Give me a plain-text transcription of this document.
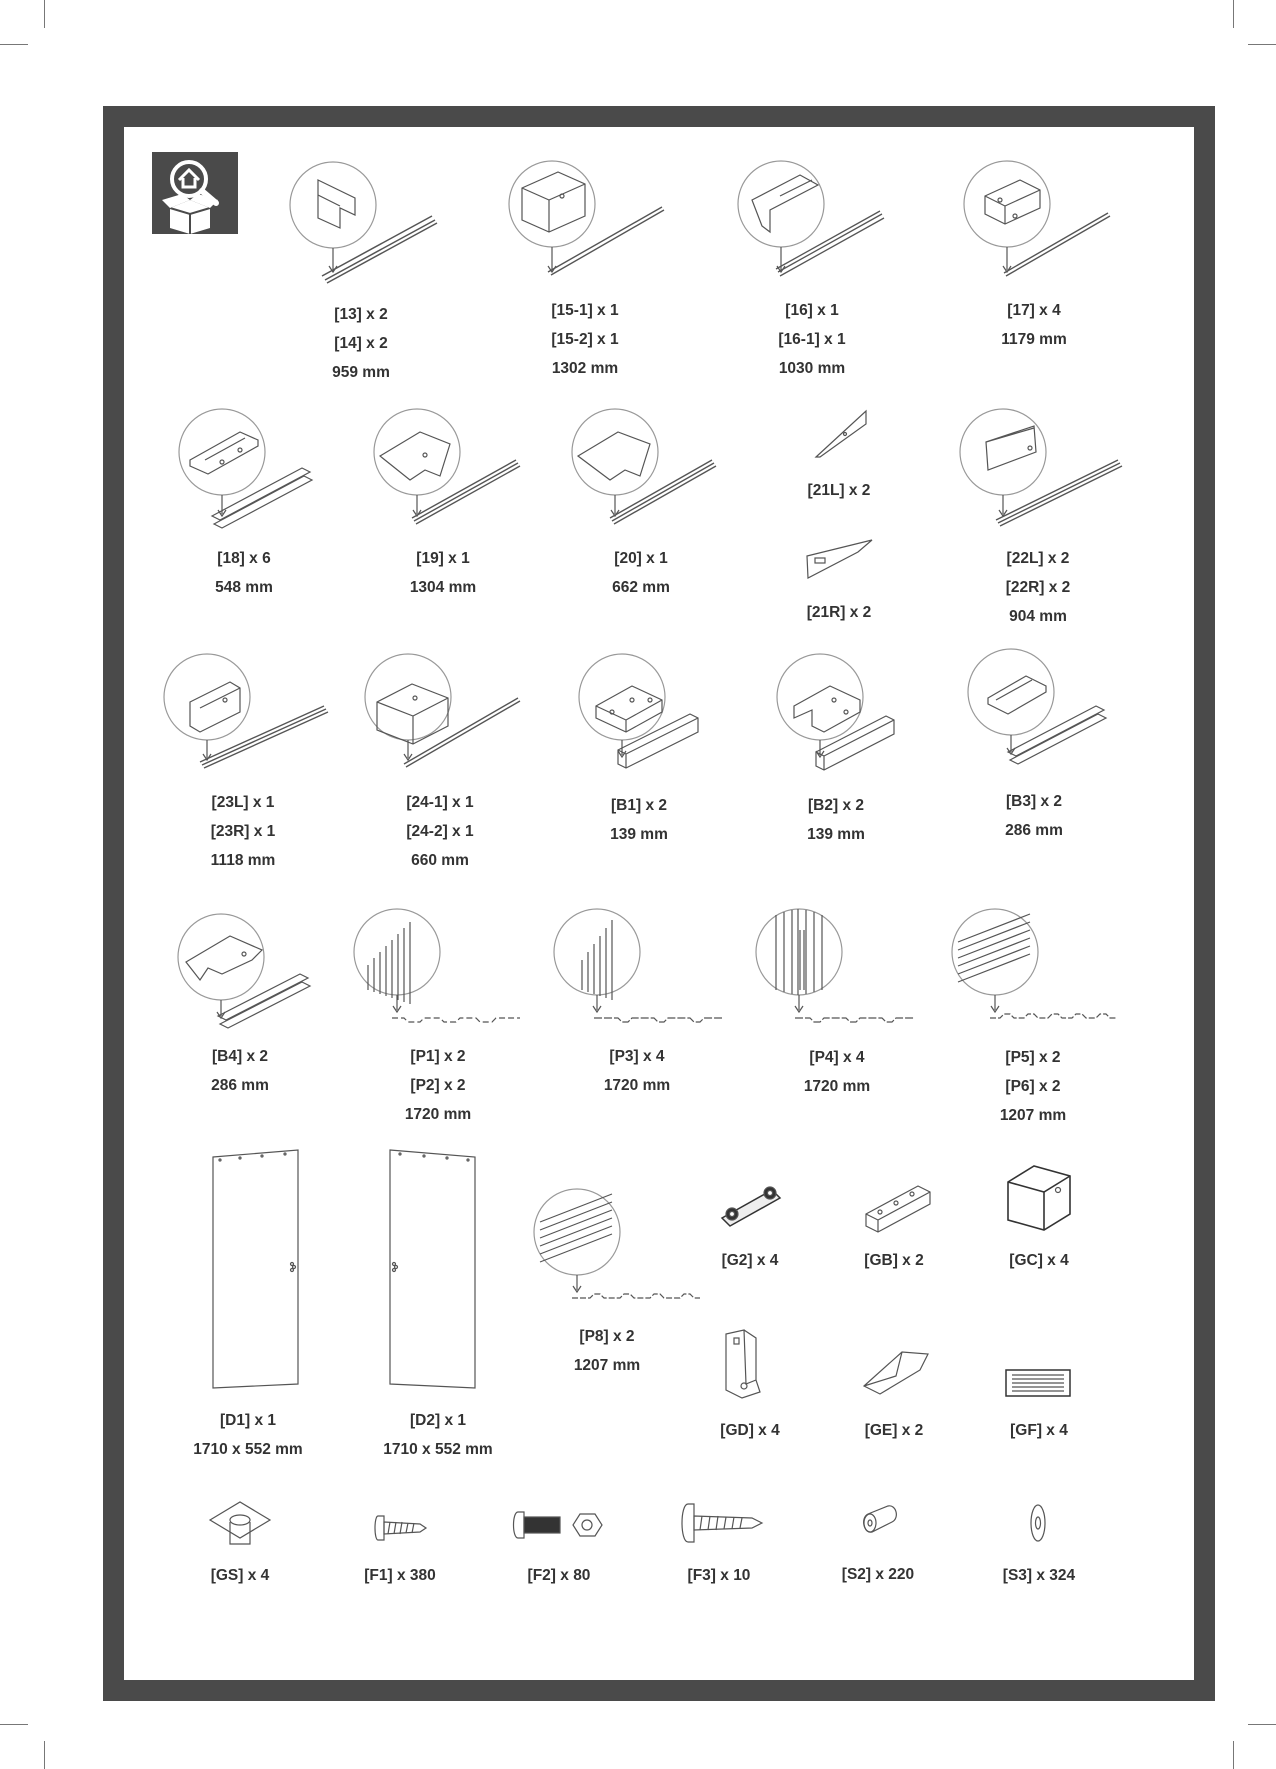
[13] x 2
[14] x 2
959 mm
[15-1] x 1
[15-2] x 1
1302 mm
[16] x 1
[16-1] x 1
1030 mm
[17] x 4
1179 mm
[18] x 6
548 mm
[19] x 1
1304 mm
[20] x 1
662 mm
[21L] x 2
[21R] x 2
[22L] x 2
[22R] x 2
904 mm
[23L] x 1
[23R] x 1
1118 mm
[24-1] x 1
[24-2] x 1
660 mm
[B1] x 2
139 mm
[B2] x 2
139 mm
[B3] x 2
286 mm
[B4] x 2
286 mm
[P1] x 2
[P2] x 2
1720 mm
[P3] x 4
1720 mm
[P4] x 4
1720 mm
[P5] x 2
[P6] x 2
1207 mm
[D1] x 1
1710 x 552 mm
[D2] x 1
1710 x 552 mm
[P8] x 2
1207 mm
[G2] x 4	[GB] x 2	[GC] x 4
[GD] x 4	[GE] x 2	[GF] x 4
[GS] x 4	[F1] x 380	[F2] x 80	[F3] x 10	[S2] x 220	[S3] x 324
